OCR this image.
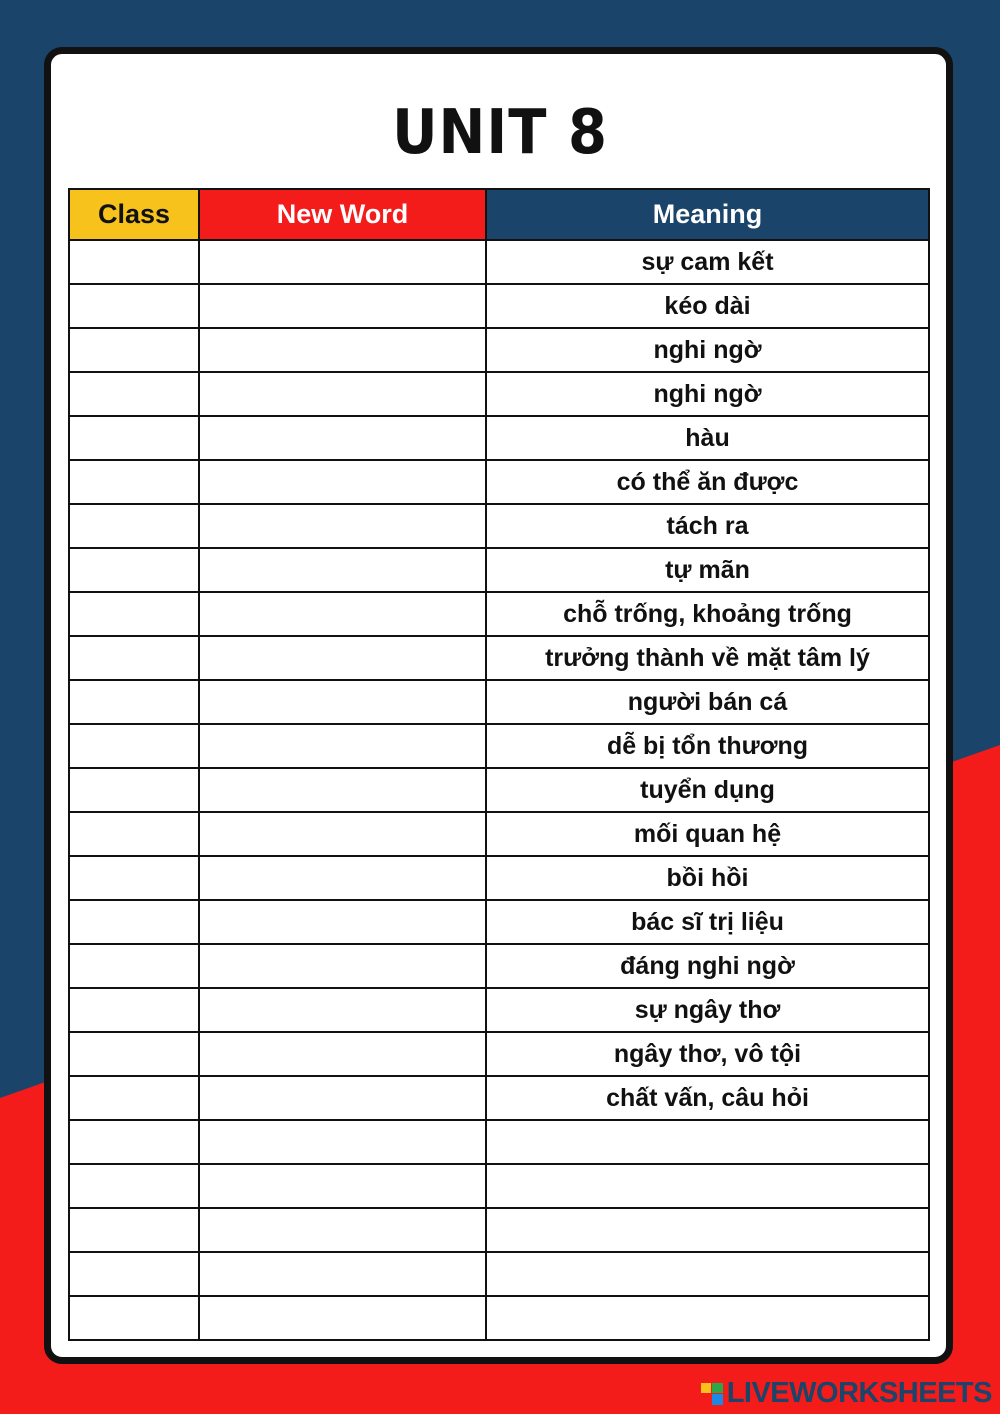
UNIT 8
Class	New Word	Meaning
		sự cam kết
		kéo dài
		nghi ngờ
		nghi ngờ
		hàu
		có thể ăn được
		tách ra
		tự mãn
		chỗ trống, khoảng trống
		trưởng thành về mặt tâm lý
		người bán cá
		dễ bị tổn thương
		tuyển dụng
		mối quan hệ
		bồi hồi
		bác sĩ trị liệu
		đáng nghi ngờ
		sự ngây thơ
		ngây thơ, vô tội
		chất vấn, câu hỏi

LIVEWORKSHEETS
